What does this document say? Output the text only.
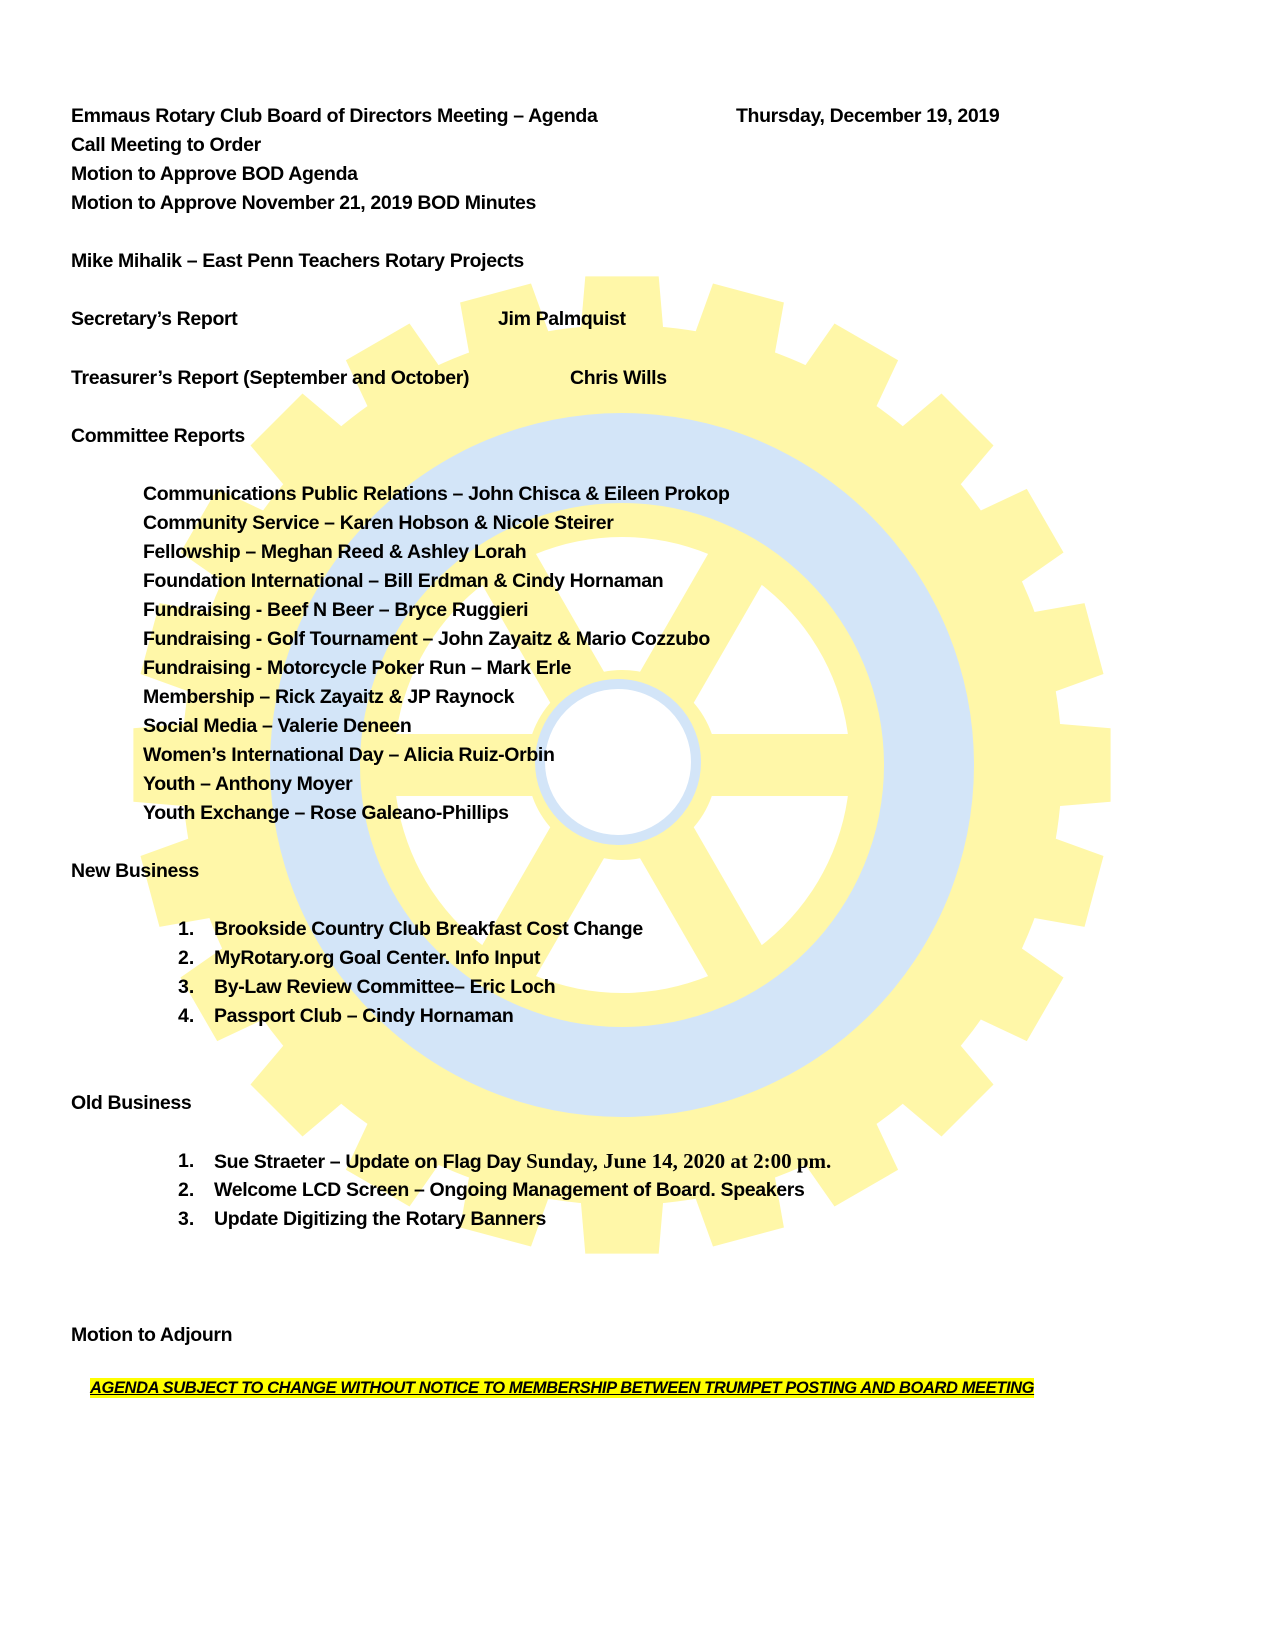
Emmaus Rotary Club Board of Directors Meeting – Agenda	Thursday, December 19, 2019
Call Meeting to Order
Motion to Approve BOD Agenda
Motion to Approve November 21, 2019 BOD Minutes
Mike Mihalik – East Penn Teachers Rotary Projects
Secretary’s Report	Jim Palmquist
Treasurer’s Report (September and October)	Chris Wills
Committee Reports
Communications Public Relations – John Chisca & Eileen Prokop
Community Service – Karen Hobson & Nicole Steirer
Fellowship – Meghan Reed & Ashley Lorah
Foundation International – Bill Erdman & Cindy Hornaman
Fundraising - Beef N Beer – Bryce Ruggieri
Fundraising - Golf Tournament – John Zayaitz & Mario Cozzubo
Fundraising - Motorcycle Poker Run – Mark Erle
Membership – Rick Zayaitz & JP Raynock
Social Media – Valerie Deneen
Women’s International Day – Alicia Ruiz-Orbin
Youth – Anthony Moyer
Youth Exchange – Rose Galeano-Phillips
New Business
1. Brookside Country Club Breakfast Cost Change
2. MyRotary.org Goal Center. Info Input
3. By-Law Review Committee– Eric Loch
4. Passport Club – Cindy Hornaman
Old Business
1. Sue Straeter – Update on Flag Day Sunday, June 14, 2020 at 2:00 pm.
2. Welcome LCD Screen – Ongoing Management of Board. Speakers
3. Update Digitizing the Rotary Banners
Motion to Adjourn
AGENDA SUBJECT TO CHANGE WITHOUT NOTICE TO MEMBERSHIP BETWEEN TRUMPET POSTING AND BOARD MEETING
